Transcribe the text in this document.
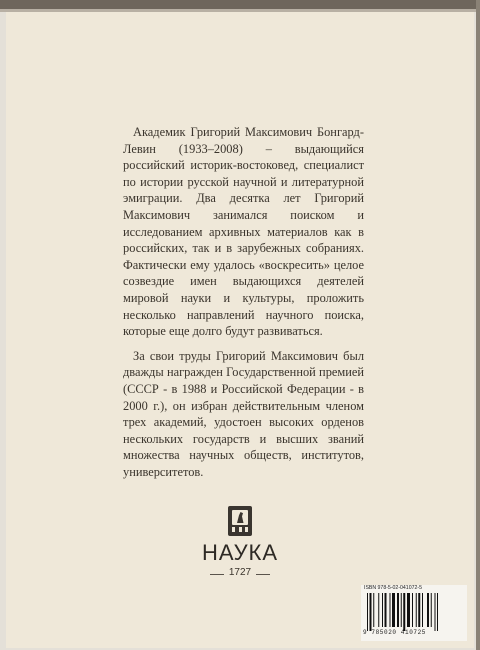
Академик Григорий Максимович Бонгард-Левин (1933–2008) – выдающийся российский историк-востоковед, специалист по истории русской научной и литературной эмиграции. Два десятка лет Григорий Максимович занимался поиском и исследованием архивных материалов как в российских, так и в зарубежных собраниях. Фактически ему удалось «воскресить» целое созвездие имен выдающихся деятелей мировой науки и культуры, проложить несколько направлений научного поиска, которые еще долго будут развиваться.

За свои труды Григорий Максимович был дважды награжден Государственной премией (СССР - в 1988 и Российской Федерации - в 2000 г.), он избран действительным членом трех академий, удостоен высоких орденов нескольких государств и высших званий множества научных обществ, институтов, университетов.

НАУКА
1727
ISBN 978-5-02-041072-5
9 785020 410725
